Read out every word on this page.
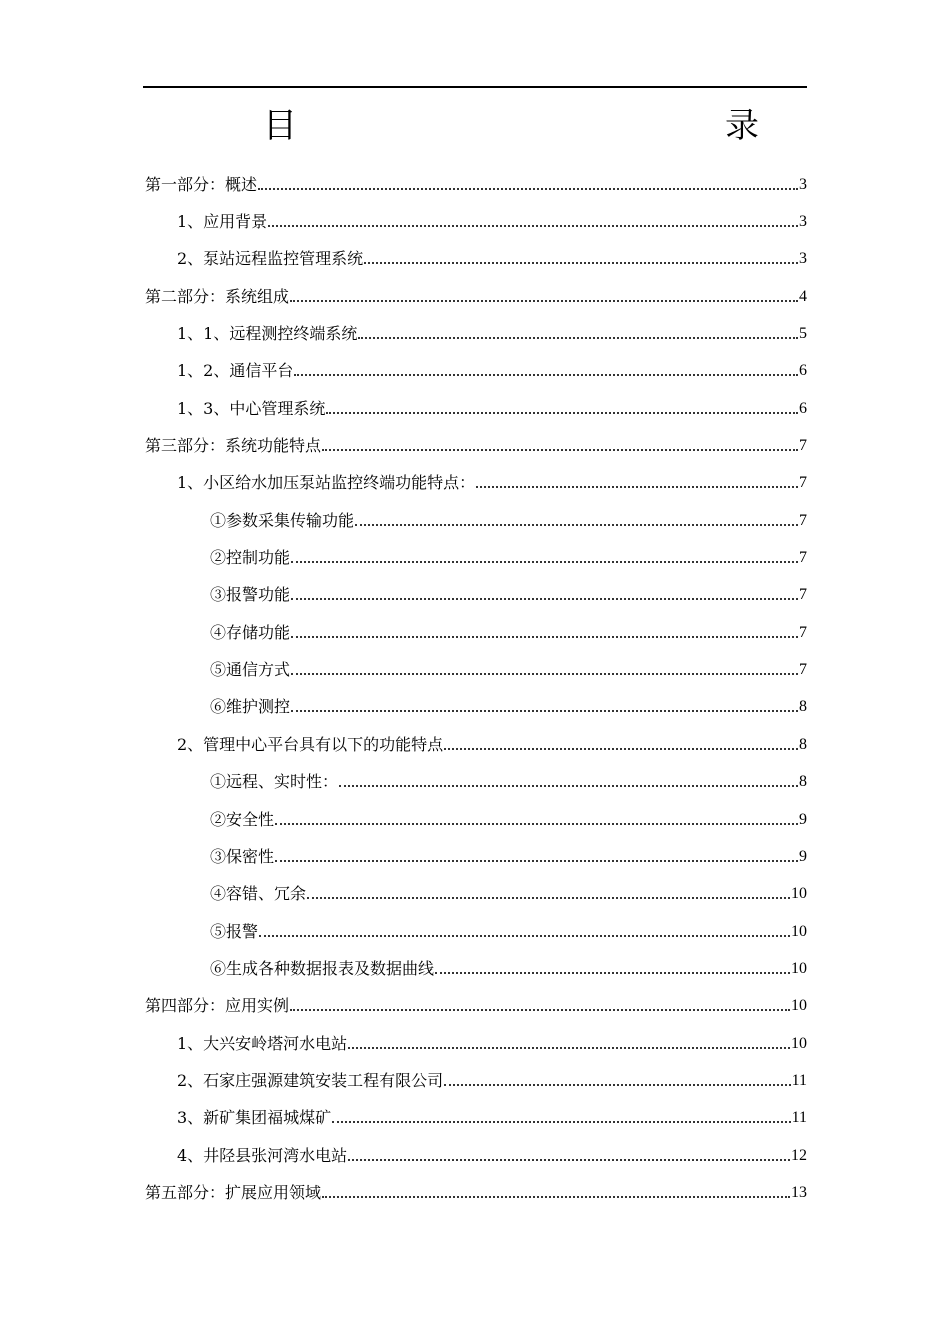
目　　录
第一部分：概述	3
1、应用背景	3
2、泵站远程监控管理系统	3
第二部分：系统组成	4
1、1、远程测控终端系统	5
1、2、通信平台	6
1、3、中心管理系统	6
第三部分：系统功能特点	7
1、小区给水加压泵站监控终端功能特点：	7
①参数采集传输功能	7
②控制功能	7
③报警功能	7
④存储功能	7
⑤通信方式	7
⑥维护测控	8
2、管理中心平台具有以下的功能特点	8
①远程、实时性：	8
②安全性	9
③保密性	9
④容错、冗余	10
⑤报警	10
⑥生成各种数据报表及数据曲线	10
第四部分：应用实例	10
1、大兴安岭塔河水电站	10
2、石家庄强源建筑安装工程有限公司	11
3、新矿集团福城煤矿	11
4、井陉县张河湾水电站	12
第五部分：扩展应用领域	13
